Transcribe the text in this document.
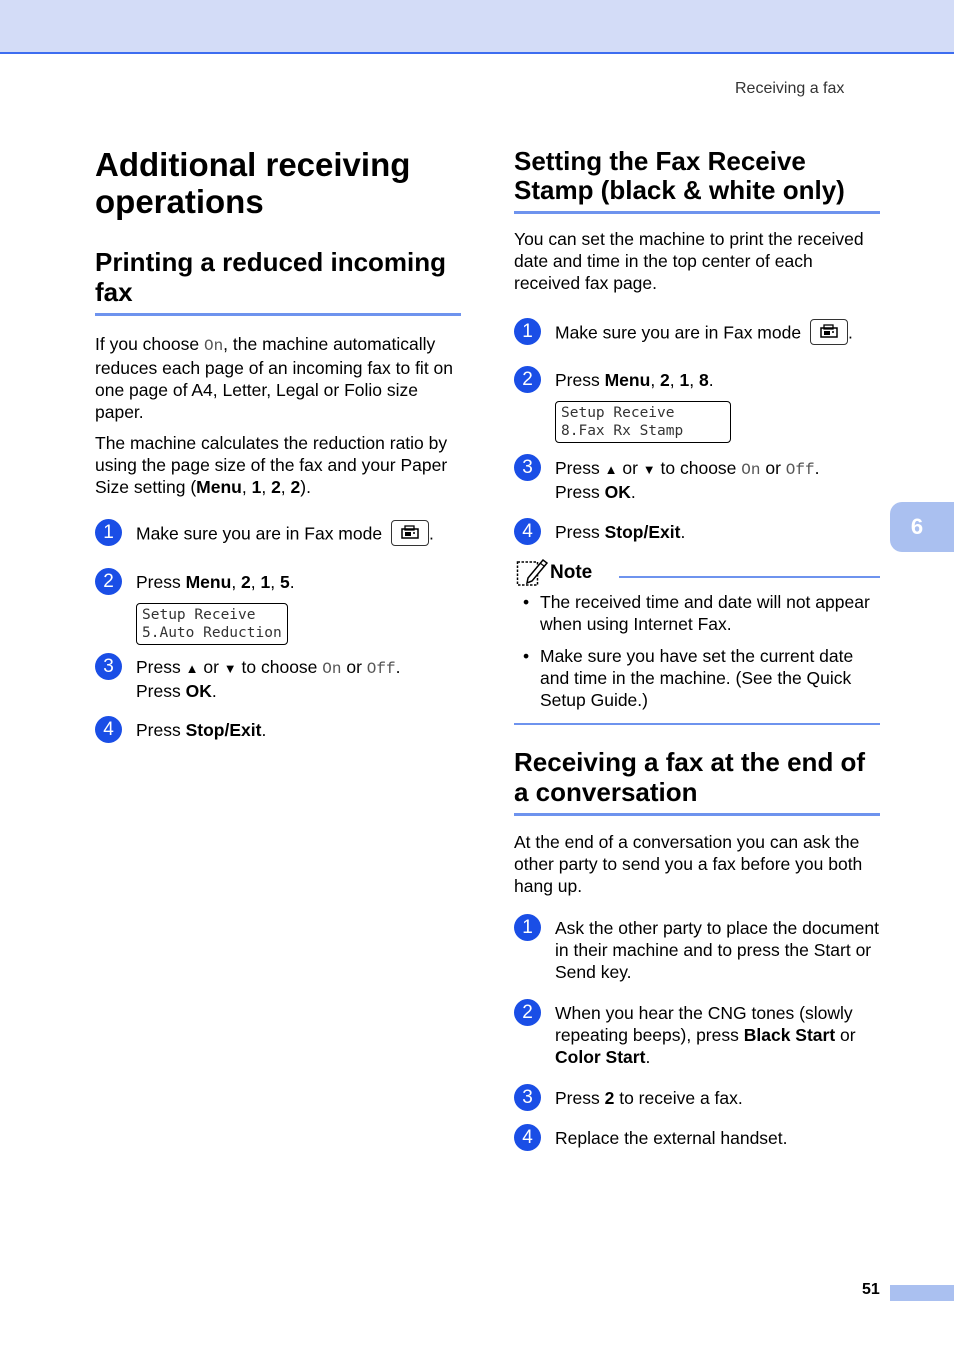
Receiving a fax
6
51
Additional receiving operations
Printing a reduced incoming fax

If you choose On, the machine automatically reduces each page of an incoming fax to fit on one page of A4, Letter, Legal or Folio size paper.

The machine calculates the reduction ratio by using the page size of the fax and your Paper Size setting (Menu, 1, 2, 2).

1	Make sure you are in Fax mode	.
2	Press Menu, 2, 1, 5.

Setup Receive
5.Auto Reduction
3	Press ▲ or ▼ to choose On or Off.
Press OK.
4	Press Stop/Exit.
Setting the Fax Receive Stamp (black & white only)

You can set the machine to print the received date and time in the top center of each received fax page.

1	Make sure you are in Fax mode	.
2	Press Menu, 2, 1, 8.

Setup Receive
8.Fax Rx Stamp
3	Press ▲ or ▼ to choose On or Off.
Press OK.
4	Press Stop/Exit.
Note
• The received time and date will not appear when using Internet Fax.
• Make sure you have set the current date and time in the machine. (See the Quick Setup Guide.)
Receiving a fax at the end of a conversation

At the end of a conversation you can ask the other party to send you a fax before you both hang up.

1	Ask the other party to place the document in their machine and to press the Start or Send key.
2	When you hear the CNG tones (slowly repeating beeps), press Black Start or Color Start.
3	Press 2 to receive a fax.
4	Replace the external handset.
